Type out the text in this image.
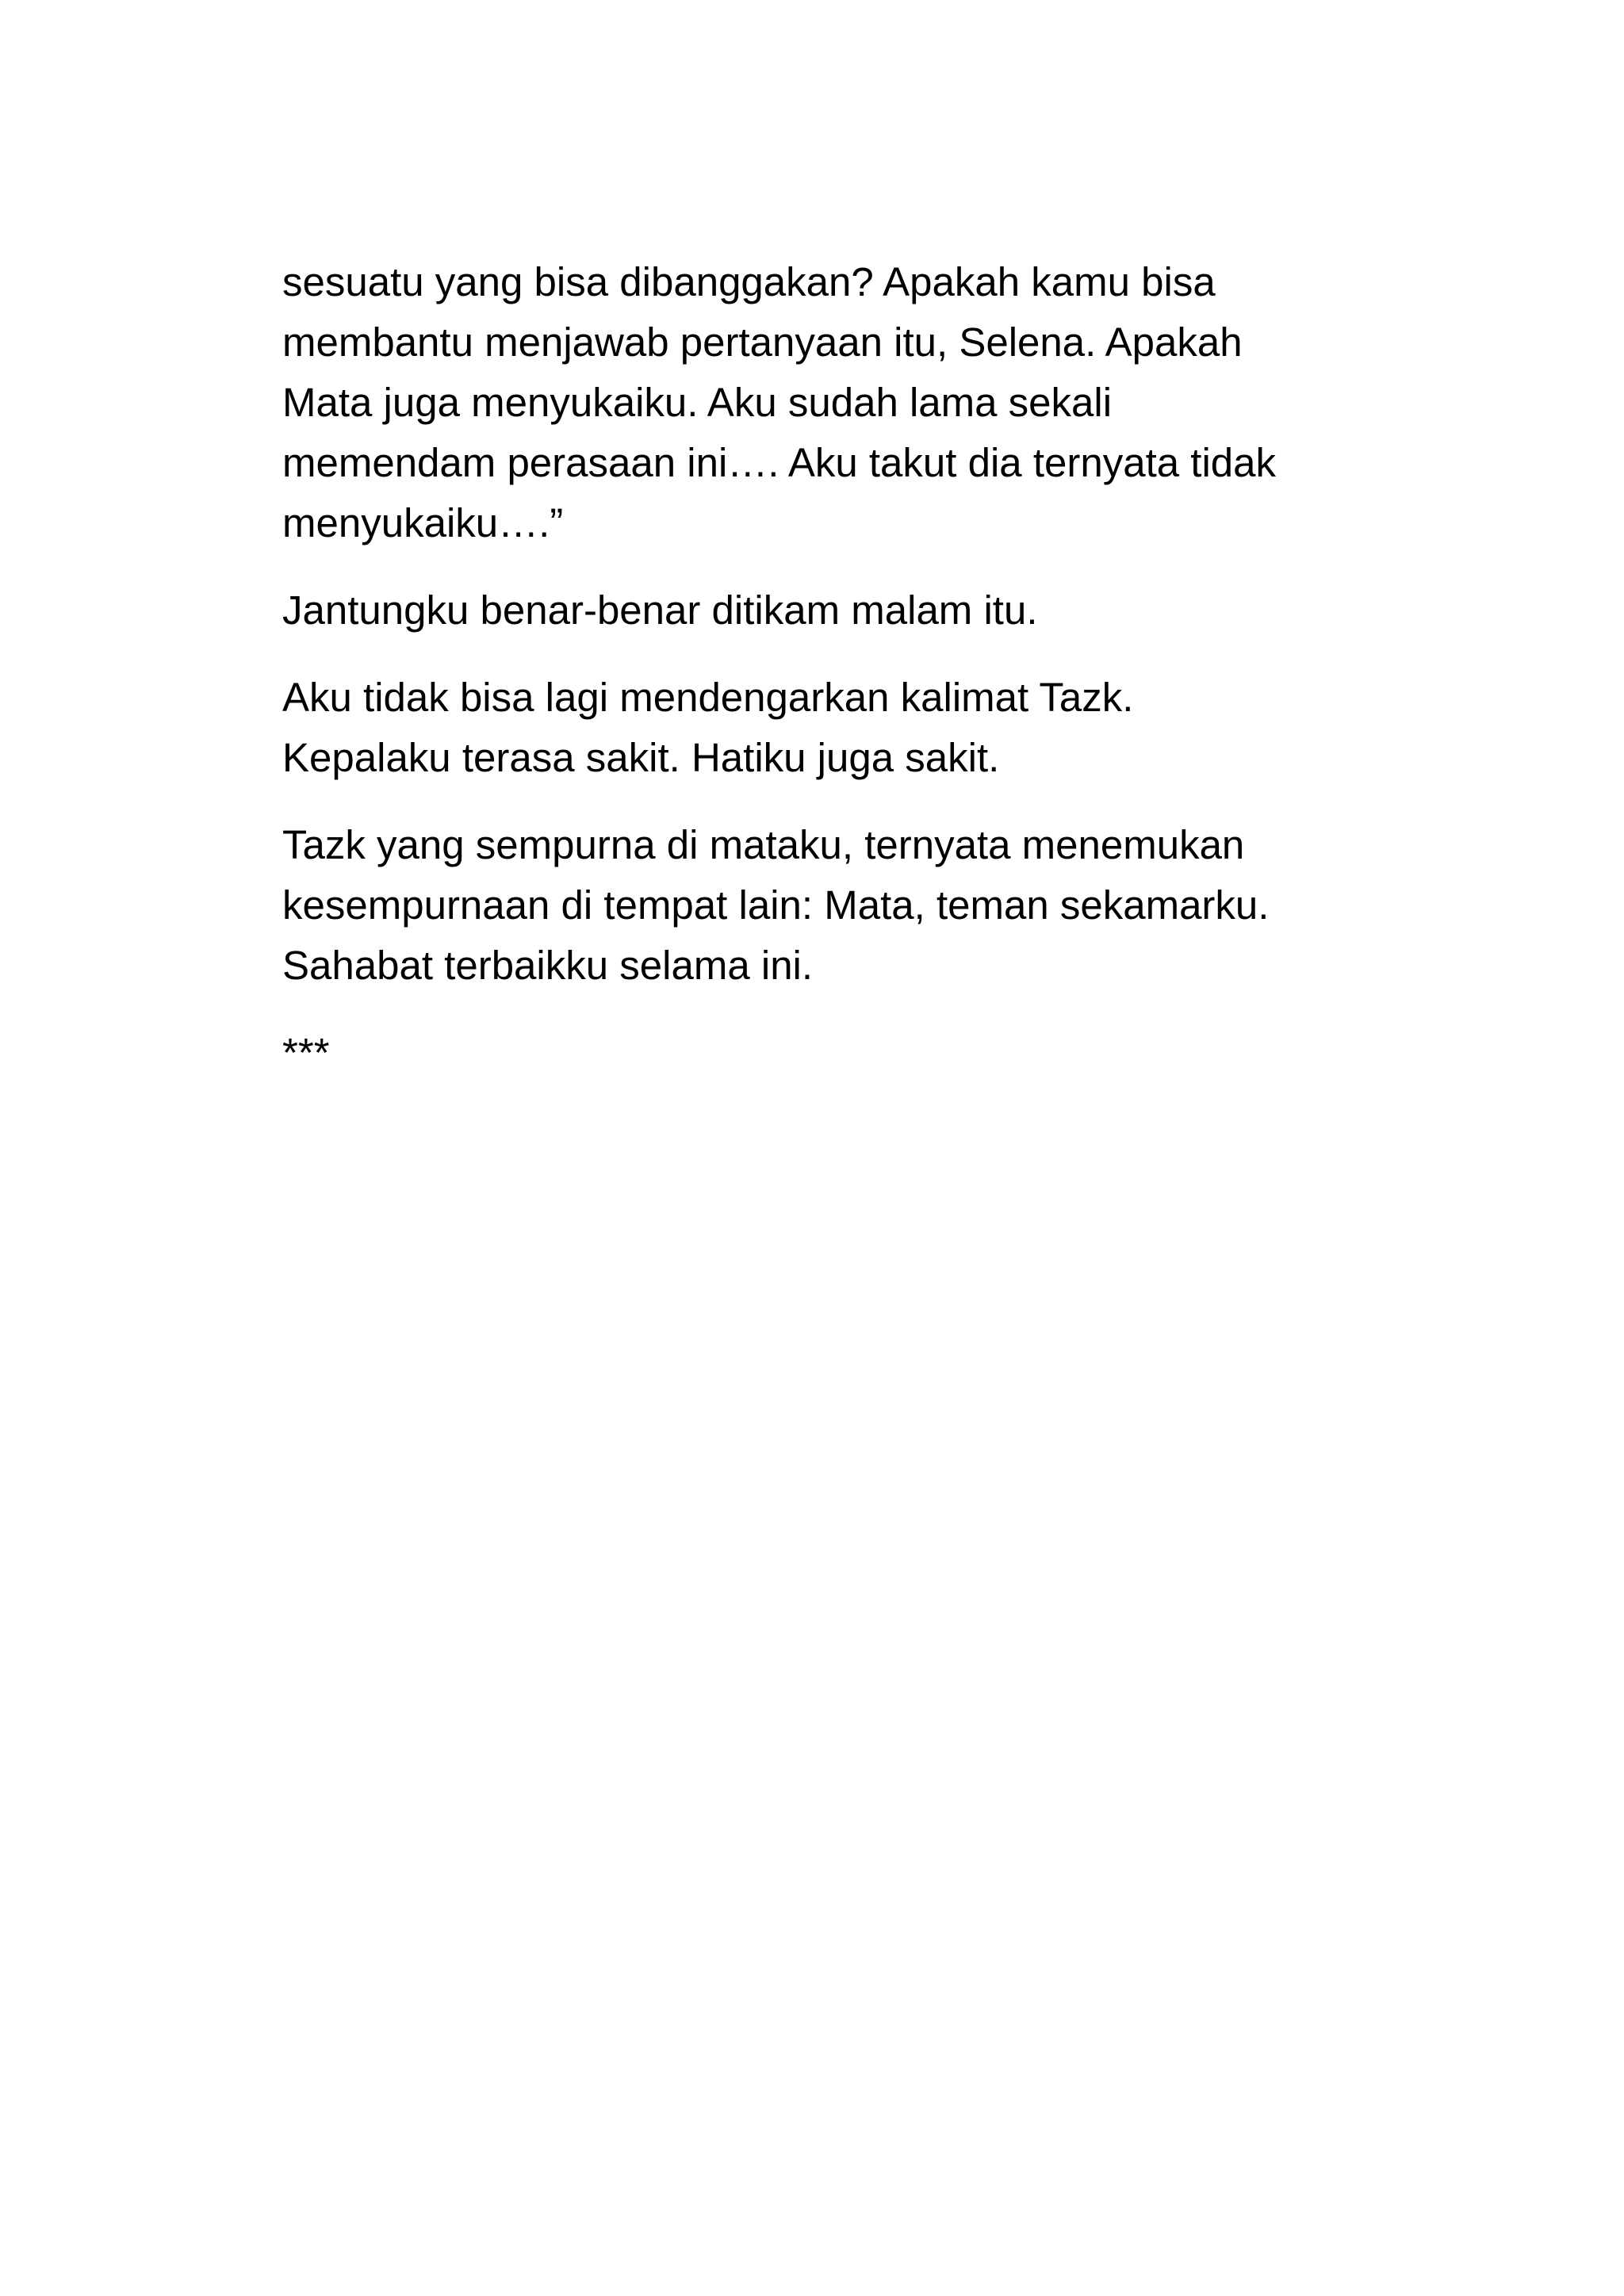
sesuatu yang bisa dibanggakan? Apakah kamu bisa
membantu menjawab pertanyaan itu, Selena. Apakah
Mata juga menyukaiku. Aku sudah lama sekali
memendam perasaan ini…. Aku takut dia ternyata tidak
menyukaiku….”
Jantungku benar-benar ditikam malam itu.
Aku tidak bisa lagi mendengarkan kalimat Tazk.
Kepalaku terasa sakit. Hatiku juga sakit.
Tazk yang sempurna di mataku, ternyata menemukan
kesempurnaan di tempat lain: Mata, teman sekamarku.
Sahabat terbaikku selama ini.
***
